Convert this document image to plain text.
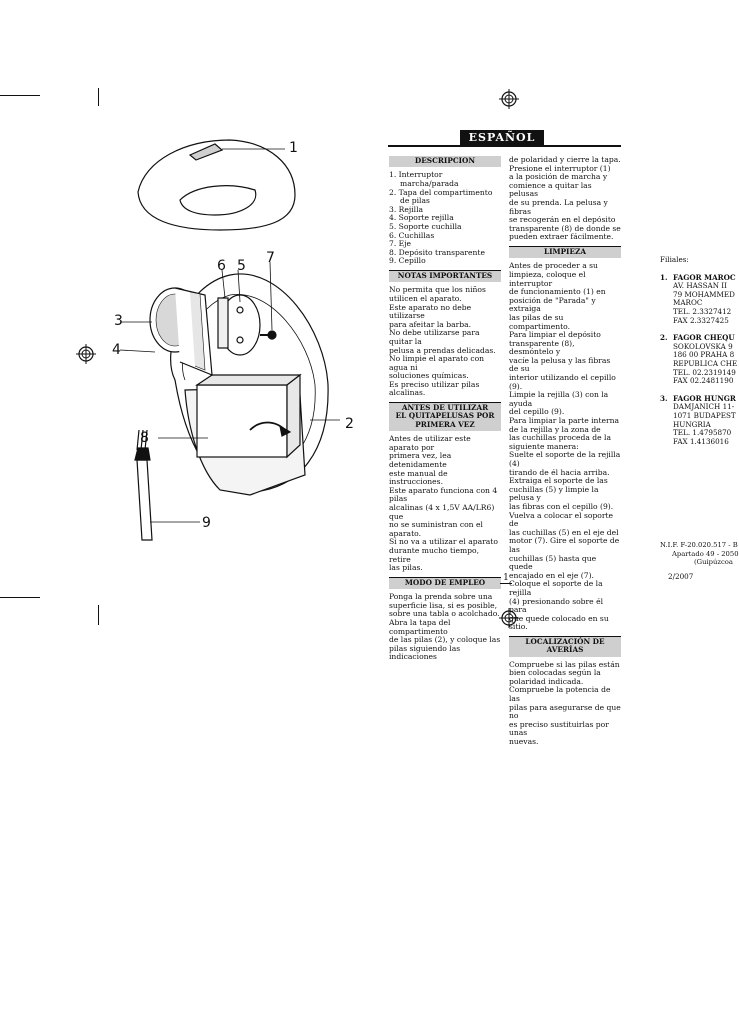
1
2
3
4
5
6	7
8
9
ESPAÑOL
DESCRIPCION
1. Interruptor marcha/parada
2. Tapa del compartimento de pilas
3. Rejilla
4. Soporte rejilla
5. Soporte cuchilla
6. Cuchillas
7. Eje
8. Depósito transparente
9. Cepillo
NOTAS IMPORTANTES

No permita que los niños

utilicen el aparato.

Este aparato no debe utilizarse

para afeitar la barba.

No debe utilizarse para quitar la

pelusa a prendas delicadas.

No limpie el aparato con agua ni

soluciones químicas.

Es preciso utilizar pilas

alcalinas.

ANTES DE UTILIZAR
EL QUITAPELUSAS POR
PRIMERA VEZ

Antes de utilizar este aparato por

primera vez, lea detenidamente

este manual de instrucciones.

Este aparato funciona con 4 pilas

alcalinas (4 x 1,5V AA/LR6) que

no se suministran con el aparato.

Si no va a utilizar el aparato

durante mucho tiempo, retire

las pilas.

MODO DE EMPLEO

Ponga la prenda sobre una

superficie lisa, si es posible,

sobre una tabla o acolchado.

Abra la tapa del compartimento

de las pilas (2), y coloque las

pilas siguiendo las indicaciones

de polaridad y cierre la tapa.

Presione el interruptor (1)

a la posición de marcha y

comience a quitar las pelusas

de su prenda. La pelusa y fibras

se recogerán en el depósito

transparente (8) de donde se

pueden extraer fácilmente.

LIMPIEZA

Antes de proceder a su

limpieza, coloque el interruptor

de funcionamiento (1) en

posición de "Parada" y extraiga

las pilas de su compartimento.

Para limpiar el depósito

transparente (8), desmóntelo y

vacíe la pelusa y las fibras de su

interior utilizando el cepillo (9).

Limpie la rejilla (3) con la ayuda

del cepillo (9).

Para limpiar la parte interna

de la rejilla y la zona de

las cuchillas proceda de la

siguiente manera:

Suelte el soporte de la rejilla (4)

tirando de él hacia arriba.

Extraiga el soporte de las

cuchillas (5) y limpie la pelusa y

las fibras con el cepillo (9).

Vuelva a colocar el soporte de

las cuchillas (5) en el eje del

motor (7). Gire el soporte de las

cuchillas (5) hasta que quede

encajado en el eje (7).

Coloque el soporte de la rejilla

(4) presionando sobre él para

que quede colocado en su sitio.

LOCALIZACIÓN DE AVERÍAS

Compruebe si las pilas están

bien colocadas según la

polaridad indicada.

Compruebe la potencia de las

pilas para asegurarse de que no

es preciso sustituirlas por unas

nuevas.

1
Filiales:
1. FAGOR MAROC
AV. HASSAN II
79 MOHAMMED
MAROC
TEL. 2.3327412
FAX 2.3327425
2. FAGOR CHEQU
SOKOLOVSKA 9
186 00 PRAHA 8
REPUBLICA CHE
TEL. 02.2319149
FAX 02.2481190
3. FAGOR HUNGR
DAMJANICH 11-
1071 BUDAPEST
HUNGRIA
TEL. 1.4795870
FAX 1.4136016
N.I.F. F-20.020.517 - B
Apartado 49 - 2050
(Guipúzcoa
2/2007
